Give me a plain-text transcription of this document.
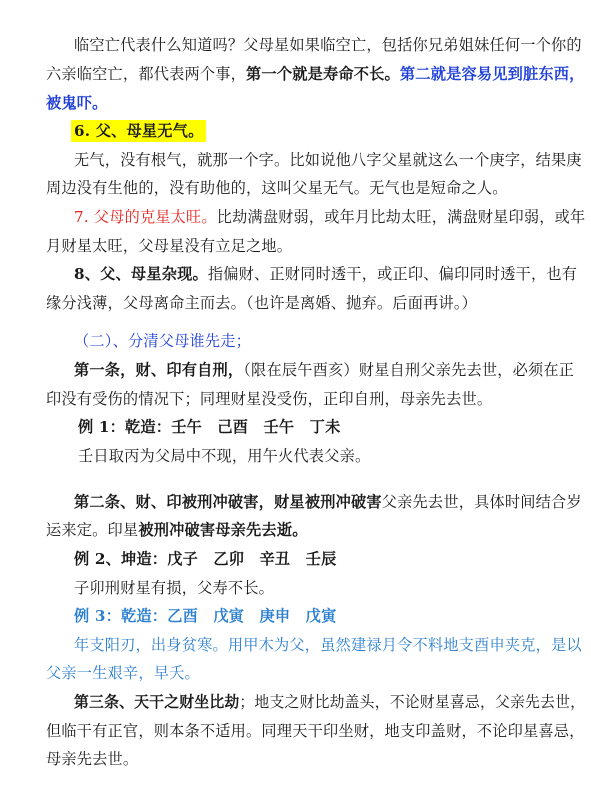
临空亡代表什么知道吗？父母星如果临空亡，包括你兄弟姐妹任何一个你的
六亲临空亡，都代表两个事，第一个就是寿命不长。第二就是容易见到脏东西，
被鬼吓。
6. 父、母星无气。
无气，没有根气，就那一个字。比如说他八字父星就这么一个庚字，结果庚
周边没有生他的，没有助他的，这叫父星无气。无气也是短命之人。
7. 父母的克星太旺。比劫满盘财弱，或年月比劫太旺，满盘财星印弱，或年
月财星太旺，父母星没有立足之地。
8、父、母星杂现。指偏财、正财同时透干，或正印、偏印同时透干，也有
缘分浅薄，父母离命主而去。（也许是离婚、抛弃。后面再讲。）
（二）、分清父母谁先走；
第一条，财、印有自刑，（限在辰午酉亥）财星自刑父亲先去世，必须在正
印没有受伤的情况下；同理财星没受伤，正印自刑，母亲先去世。
例 1：乾造：壬午　己酉　壬午　丁未
壬日取丙为父局中不现，用午火代表父亲。
第二条、财、印被刑冲破害，财星被刑冲破害父亲先去世，具体时间结合岁
运来定。印星被刑冲破害母亲先去逝。
例 2、坤造：戊子　乙卯　辛丑　壬辰
子卯刑财星有损，父寿不长。
例 3：乾造：乙酉　戊寅　庚申　戊寅
年支阳刃，出身贫寒。用甲木为父，虽然建禄月令不料地支酉申夹克，是以
父亲一生艰辛，早夭。
第三条、天干之财坐比劫；地支之财比劫盖头，不论财星喜忌，父亲先去世，
但临干有正官，则本条不适用。同理天干印坐财，地支印盖财，不论印星喜忌，
母亲先去世。
